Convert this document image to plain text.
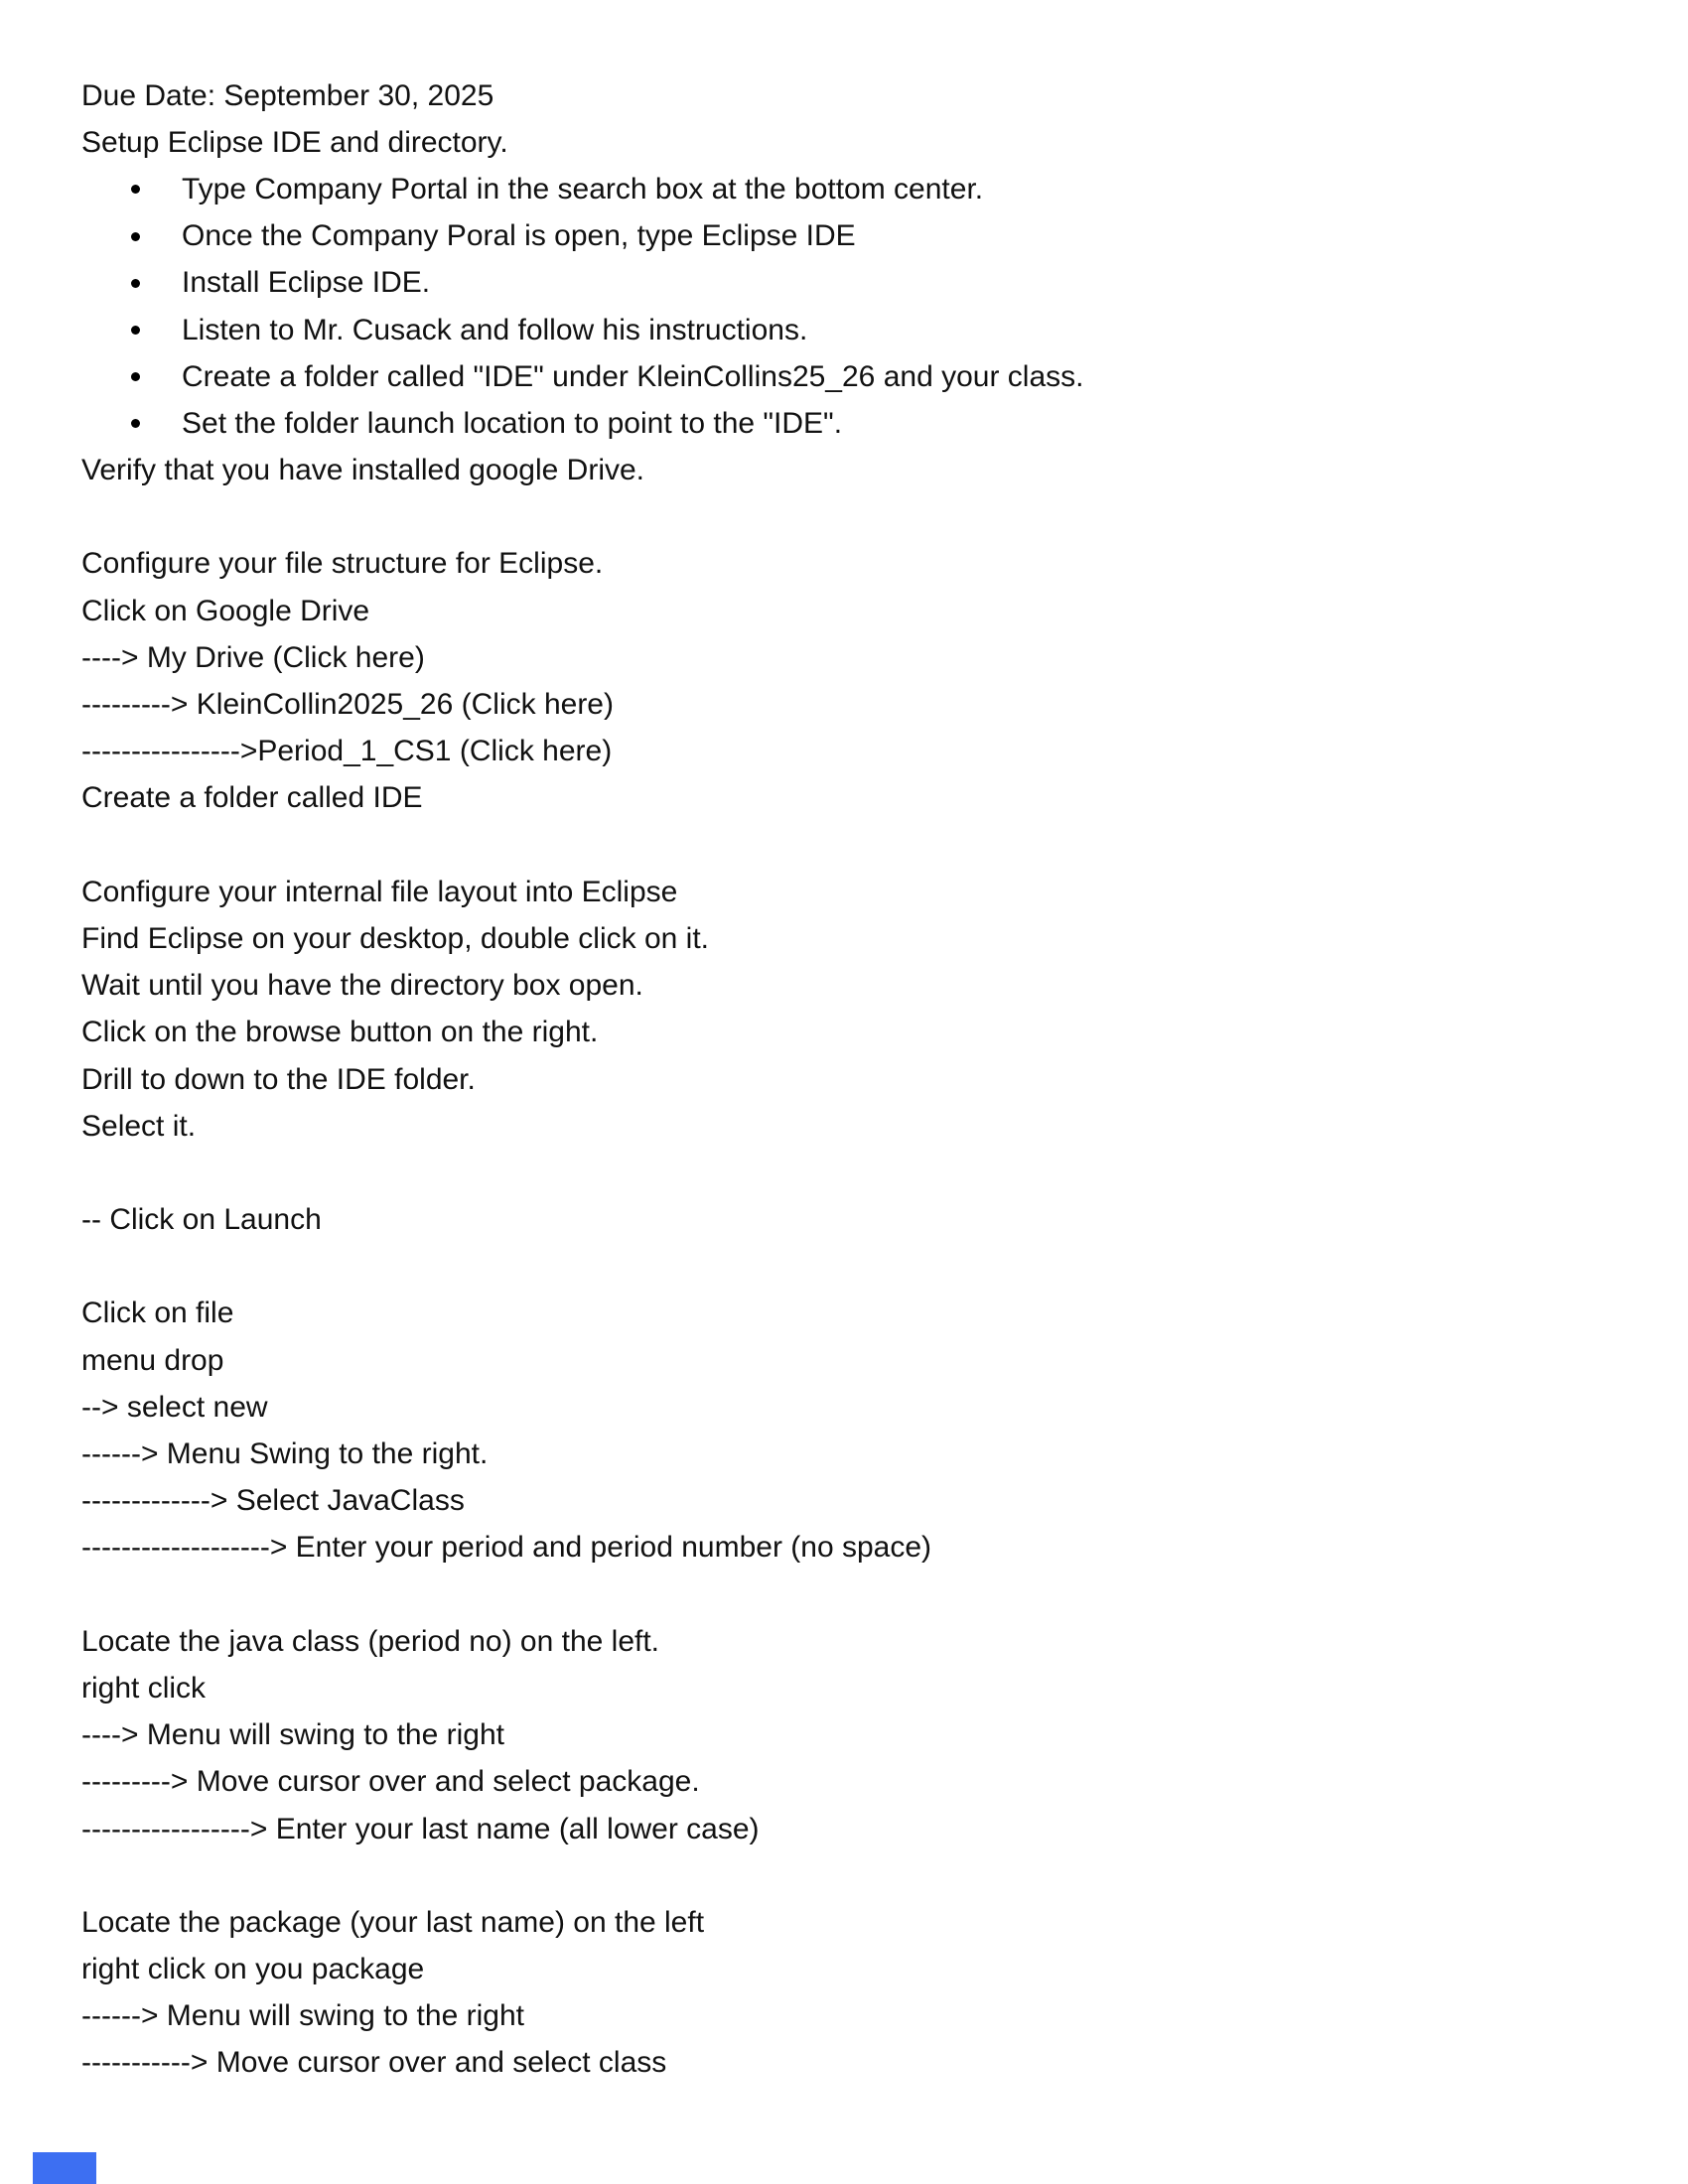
Due Date: September 30, 2025
Setup Eclipse IDE and directory.
Type Company Portal in the search box at the bottom center.
Once the Company Poral is open, type Eclipse IDE
Install Eclipse IDE.
Listen to Mr. Cusack and follow his instructions.
Create a folder called "IDE" under KleinCollins25_26 and your class.
Set the folder launch location to point to the "IDE".
Verify that you have installed google Drive.
Configure your file structure for Eclipse.
Click on Google Drive
----> My Drive (Click here)
---------> KleinCollin2025_26 (Click here)
---------------->Period_1_CS1 (Click here)
Create a folder called IDE
Configure your internal file layout into Eclipse
Find Eclipse on your desktop, double click on it.
Wait until you have the directory box open.
Click on the browse button on the right.
Drill to down to the IDE folder.
Select it.
-- Click on Launch
Click on file
menu drop
--> select new
------> Menu Swing to the right.
-------------> Select JavaClass
-------------------> Enter your period and period number (no space)
Locate the java class (period no) on the left.
right click
----> Menu will swing to the right
---------> Move cursor over and select package.
-----------------> Enter your last name (all lower case)
Locate the package (your last name) on the left
right click on you package
------> Menu will swing to the right
-----------> Move cursor over and select class
